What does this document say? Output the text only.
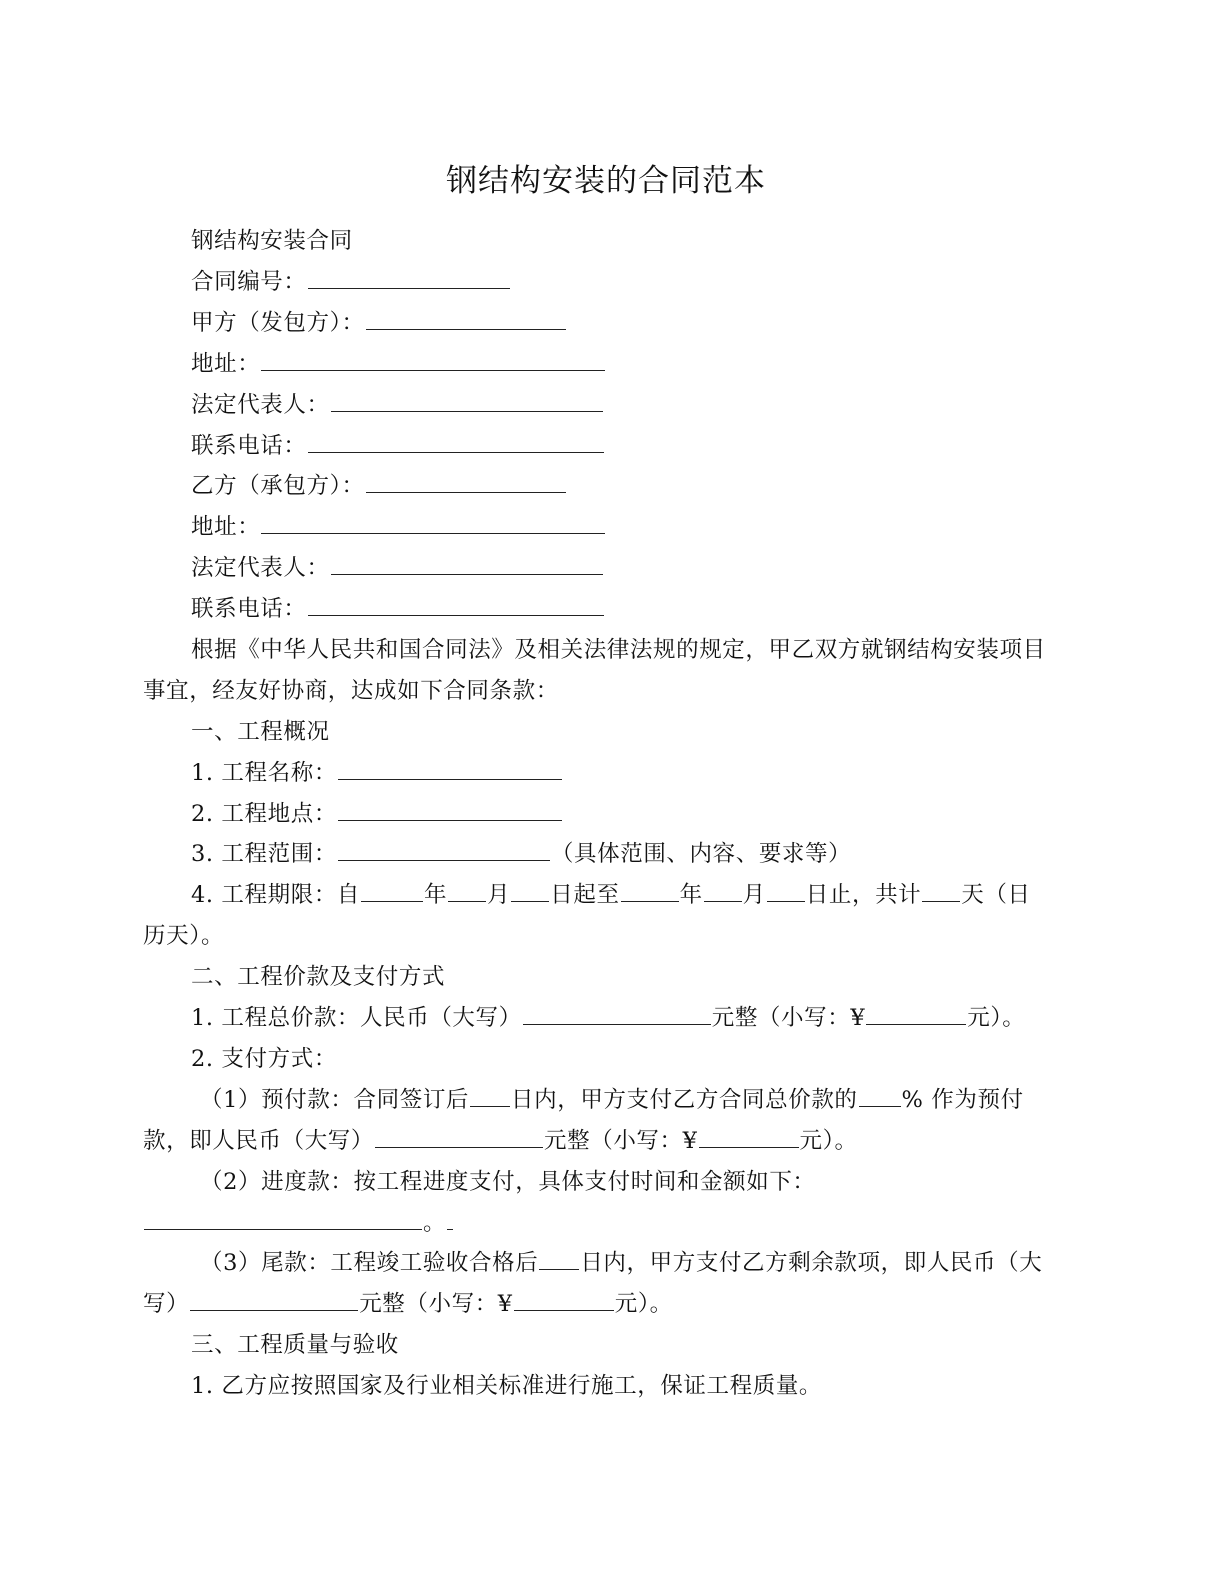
钢结构安装的合同范本
钢结构安装合同
合同编号：
甲方（发包方）：
地址：
法定代表人：
联系电话：
乙方（承包方）：
地址：
法定代表人：
联系电话：
根据《中华人民共和国合同法》及相关法律法规的规定，甲乙双方就钢结构安装项目
事宜，经友好协商，达成如下合同条款：
一、工程概况
1. 工程名称：
2. 工程地点：
3. 工程范围：	（具体范围、内容、要求等）
4. 工程期限：自	年 月 日起至	年 月 日止，共计 天（日
历天）。
二、工程价款及支付方式
1. 工程总价款：人民币（大写）	元整（小写：¥	元）。
2. 支付方式：
（1）预付款：合同签订后 日内，甲方支付乙方合同总价款的 % 作为预付
款，即人民币（大写）	元整（小写：¥	元）。
（2）进度款：按工程进度支付，具体支付时间和金额如下：
。
（3）尾款：工程竣工验收合格后 日内，甲方支付乙方剩余款项，即人民币（大
写）	元整（小写：¥	元）。
三、工程质量与验收
1. 乙方应按照国家及行业相关标准进行施工，保证工程质量。
